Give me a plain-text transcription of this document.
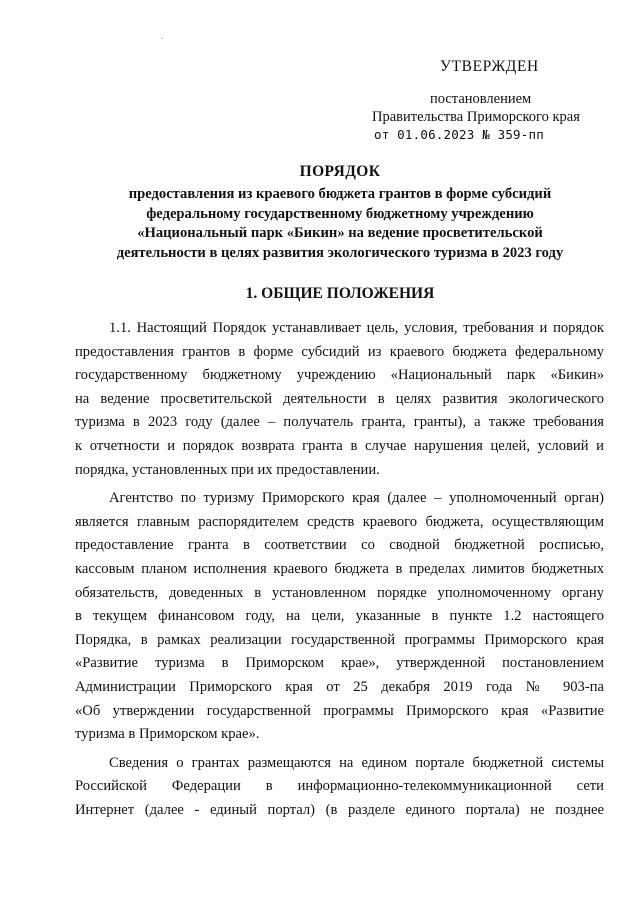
УТВЕРЖДЕН
постановлением
Правительства Приморского края
от 01.06.2023 № 359-пп
ПОРЯДОК
предоставления из краевого бюджета грантов в форме субсидий
федеральному государственному бюджетному учреждению
«Национальный парк «Бикин» на ведение просветительской
деятельности в целях развития экологического туризма в 2023 году
1. ОБЩИЕ ПОЛОЖЕНИЯ
1.1. Настоящий Порядок устанавливает цель, условия, требования и порядок
предоставления грантов в форме субсидий из краевого бюджета федеральному
государственному бюджетному учреждению «Национальный парк «Бикин»
на ведение просветительской деятельности в целях развития экологического
туризма в 2023 году (далее – получатель гранта, гранты), а также требования
к отчетности и порядок возврата гранта в случае нарушения целей, условий и
порядка, установленных при их предоставлении.
Агентство по туризму Приморского края (далее – уполномоченный орган)
является главным распорядителем средств краевого бюджета, осуществляющим
предоставление гранта в соответствии со сводной бюджетной росписью,
кассовым планом исполнения краевого бюджета в пределах лимитов бюджетных
обязательств, доведенных в установленном порядке уполномоченному органу
в текущем финансовом году, на цели, указанные в пункте 1.2 настоящего
Порядка, в рамках реализации государственной программы Приморского края
«Развитие туризма в Приморском крае», утвержденной постановлением
Администрации Приморского края от 25 декабря 2019 года № 903-па
«Об утверждении государственной программы Приморского края «Развитие
туризма в Приморском крае».
Сведения о грантах размещаются на едином портале бюджетной системы
Российской Федерации в информационно-телекоммуникационной сети
Интернет (далее - единый портал) (в разделе единого портала) не позднее
